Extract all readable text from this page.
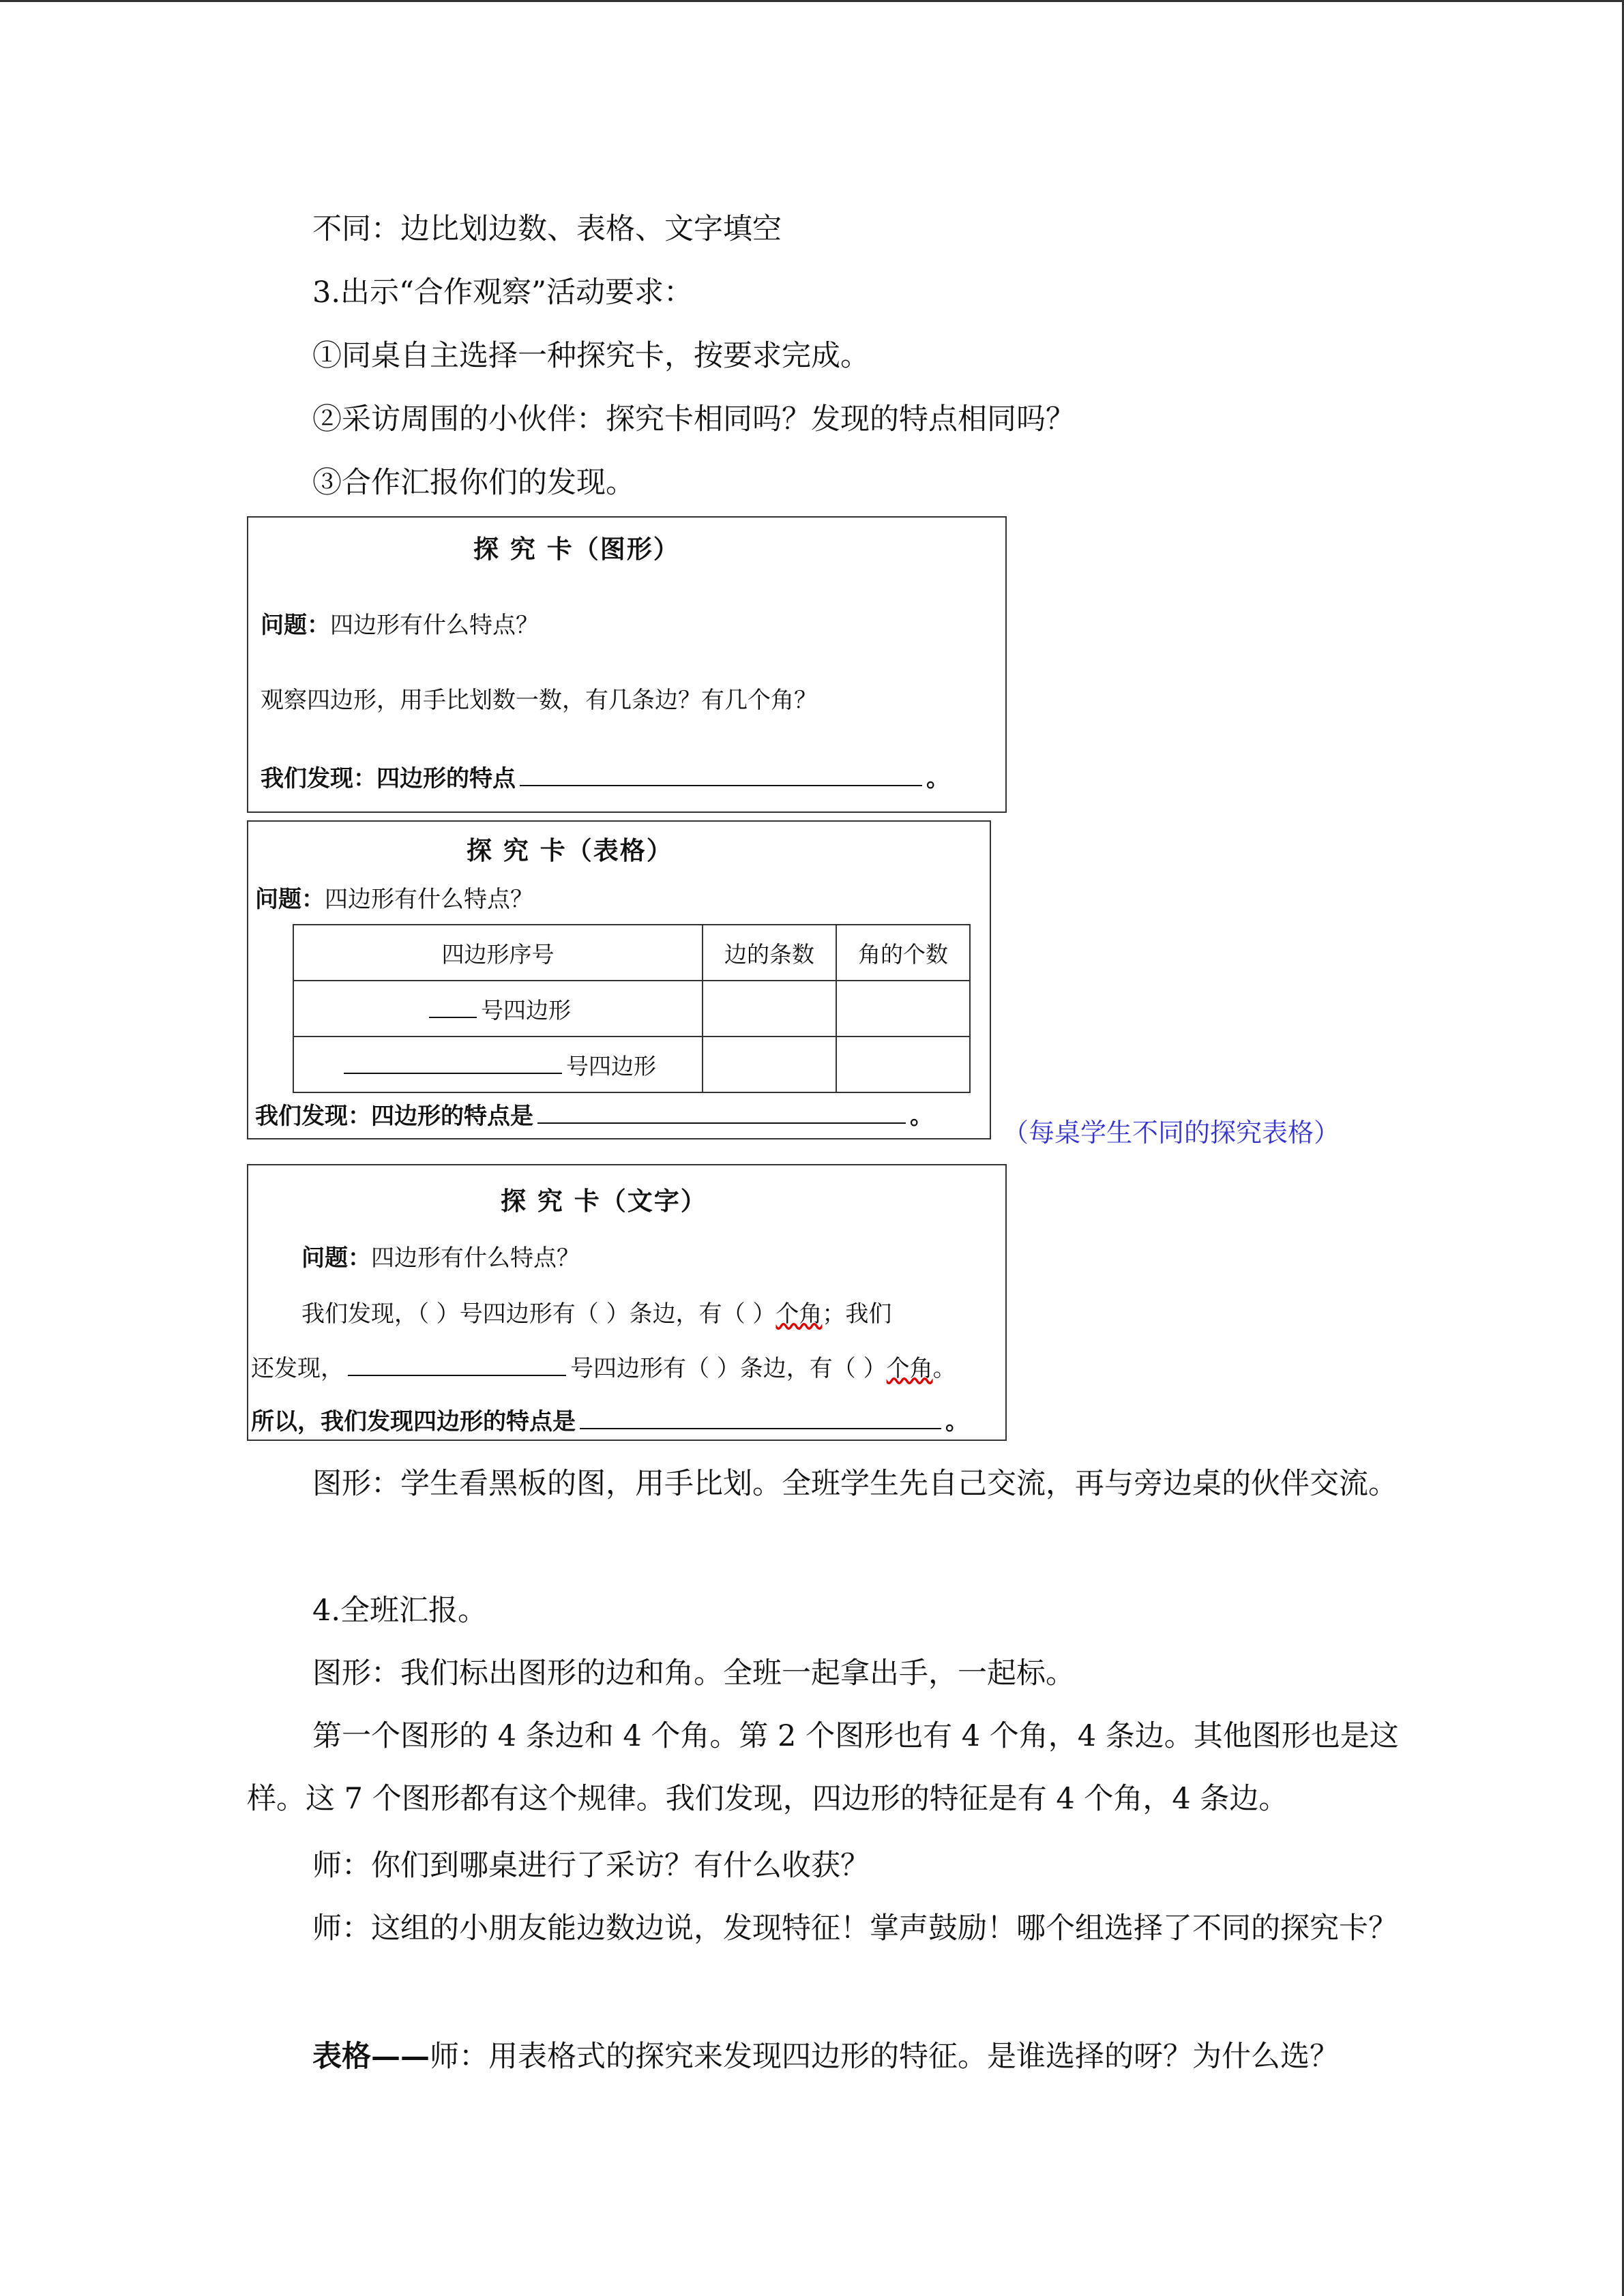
不同：边比划边数、表格、文字填空

3.出示“合作观察”活动要求：

①同桌自主选择一种探究卡，按要求完成。

②采访周围的小伙伴：探究卡相同吗？发现的特点相同吗？

③合作汇报你们的发现。

探 究 卡（图形）
问题：四边形有什么特点？
观察四边形，用手比划数一数，有几条边？有几个角？
我们发现：四边形的特点	。
探 究 卡（表格）
问题：四边形有什么特点？
四边形序号	边的条数	角的个数
号四边形		
号四边形		
我们发现：四边形的特点是	。
（每桌学生不同的探究表格）
探 究 卡（文字）
问题：四边形有什么特点？
我们发现，（ ）号四边形有（ ）条边，有（ ）个角；我们
还发现，	号四边形有（ ）条边，有（ ）个角。
所以，我们发现四边形的特点是	。

图形：学生看黑板的图，用手比划。全班学生先自己交流，再与旁边桌的伙伴交流。

4.全班汇报。

图形：我们标出图形的边和角。全班一起拿出手，一起标。

第一个图形的 4 条边和 4 个角。第 2 个图形也有 4 个角，4 条边。其他图形也是这样。这 7 个图形都有这个规律。我们发现，四边形的特征是有 4 个角，4 条边。

师：你们到哪桌进行了采访？有什么收获？

师：这组的小朋友能边数边说，发现特征！掌声鼓励！哪个组选择了不同的探究卡？

表格——师：用表格式的探究来发现四边形的特征。是谁选择的呀？为什么选？
